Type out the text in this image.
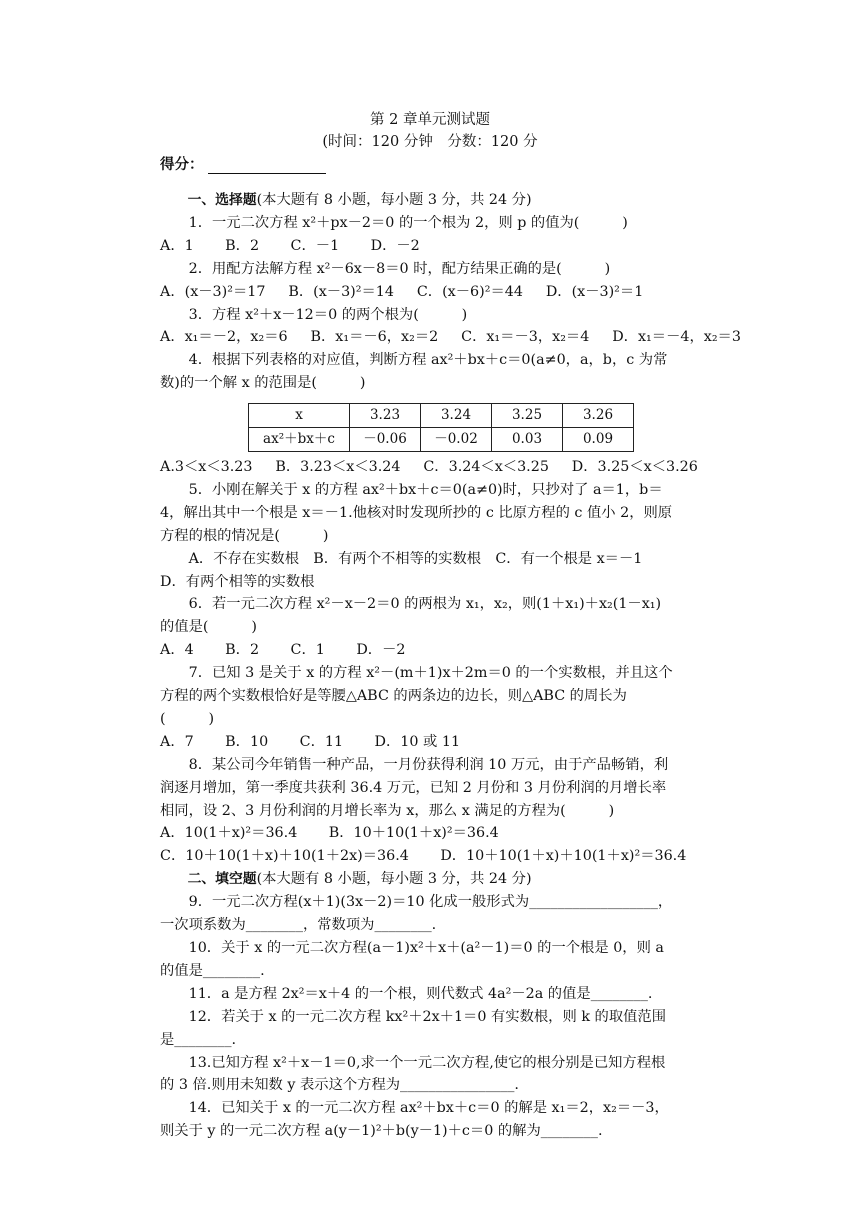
第 2 章单元测试题
(时间：120 分钟　分数：120 分
得分：

一、选择题(本大题有 8 小题，每小题 3 分，共 24 分)

1．一元二次方程 x²＋px－2＝0 的一个根为 2，则 p 的值为(　　　)

A．1 B．2 C．－1 D．－2

2．用配方法解方程 x²－6x－8＝0 时，配方结果正确的是(　　　)

A．(x－3)²＝17 B．(x－3)²＝14 C．(x－6)²＝44 D．(x－3)²＝1

3．方程 x²＋x－12＝0 的两个根为(　　　)

A．x₁＝－2，x₂＝6 B．x₁＝－6，x₂＝2 C．x₁＝－3，x₂＝4 D．x₁＝－4，x₂＝3

4．根据下列表格的对应值，判断方程 ax²＋bx＋c＝0(a≠0，a，b，c 为常数)的一个解 x 的范围是(　　　)

x	3.23	3.24	3.25	3.26
ax²＋bx＋c	－0.06	－0.02	0.03	0.09

A.3＜x＜3.23 B．3.23＜x＜3.24 C．3.24＜x＜3.25 D．3.25＜x＜3.26

5．小刚在解关于 x 的方程 ax²＋bx＋c＝0(a≠0)时，只抄对了 a＝1，b＝4，解出其中一个根是 x＝－1.他核对时发现所抄的 c 比原方程的 c 值小 2，则原方程的根的情况是(　　　)

A．不存在实数根　B．有两个不相等的实数根　C．有一个根是 x＝－1　D．有两个相等的实数根

6．若一元二次方程 x²－x－2＝0 的两根为 x₁，x₂，则(1＋x₁)＋x₂(1－x₁)的值是(　　　)

A．4 B．2 C．1 D．－2

7．已知 3 是关于 x 的方程 x²－(m＋1)x＋2m＝0 的一个实数根，并且这个方程的两个实数根恰好是等腰△ABC 的两条边的边长，则△ABC 的周长为(　　　)

A．7 B．10 C．11 D．10 或 11

8．某公司今年销售一种产品，一月份获得利润 10 万元，由于产品畅销，利润逐月增加，第一季度共获利 36.4 万元，已知 2 月份和 3 月份利润的月增长率相同，设 2、3 月份利润的月增长率为 x，那么 x 满足的方程为(　　　)

A．10(1＋x)²＝36.4 B．10＋10(1＋x)²＝36.4

C．10＋10(1＋x)＋10(1＋2x)＝36.4 D．10＋10(1＋x)＋10(1＋x)²＝36.4

二、填空题(本大题有 8 小题，每小题 3 分，共 24 分)

9．一元二次方程(x＋1)(3x－2)＝10 化成一般形式为__________________，一次项系数为________，常数项为________.

10．关于 x 的一元二次方程(a－1)x²＋x＋(a²－1)＝0 的一个根是 0，则 a 的值是________.

11．a 是方程 2x²＝x＋4 的一个根，则代数式 4a²－2a 的值是________.

12．若关于 x 的一元二次方程 kx²＋2x＋1＝0 有实数根，则 k 的取值范围是________.

13.已知方程 x²＋x－1＝0,求一个一元二次方程,使它的根分别是已知方程根的 3 倍.则用未知数 y 表示这个方程为________________.

14．已知关于 x 的一元二次方程 ax²＋bx＋c＝0 的解是 x₁＝2，x₂＝－3，则关于 y 的一元二次方程 a(y－1)²＋b(y－1)＋c＝0 的解为________.
